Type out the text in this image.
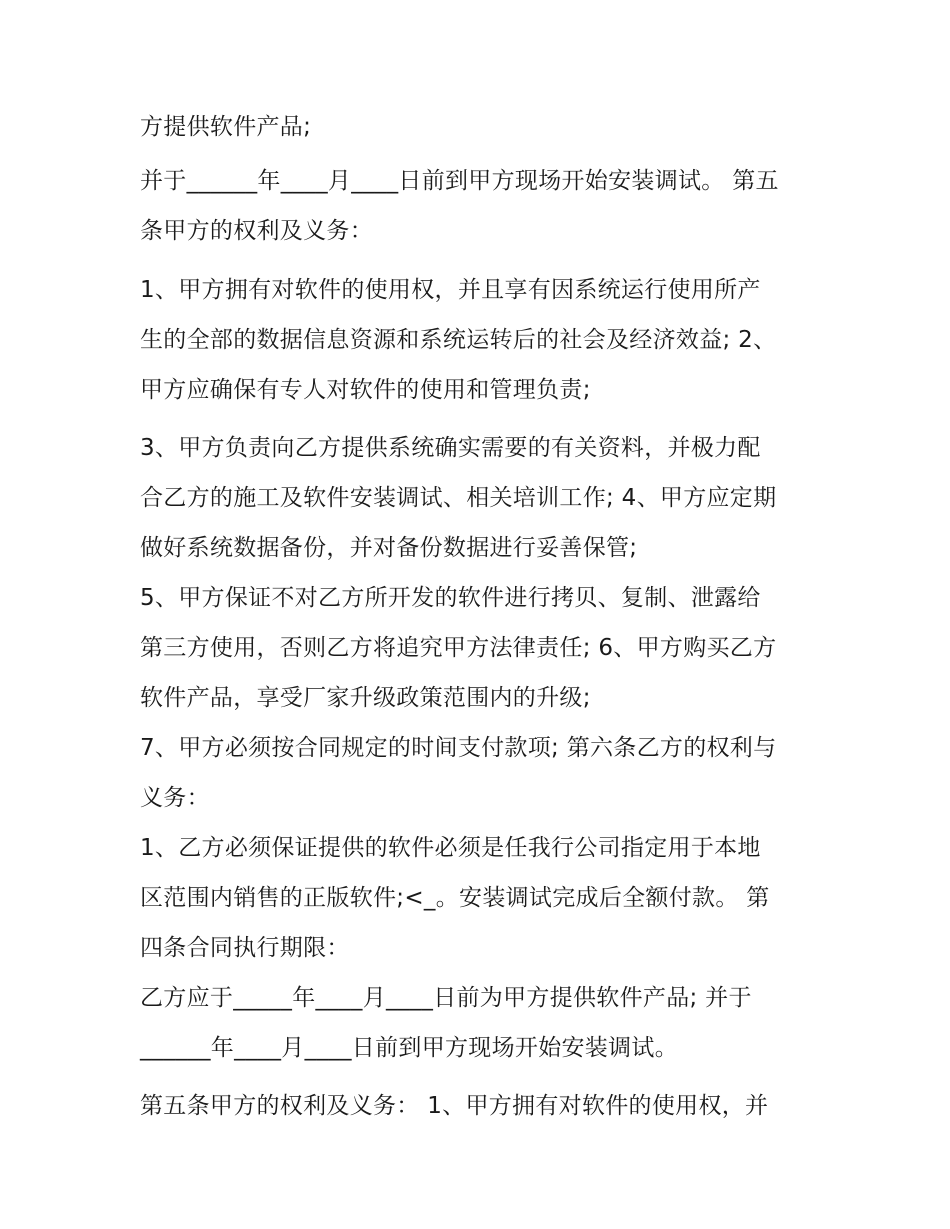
方提供软件产品;

并于______年____月____日前到甲方现场开始安装调试。 第五

条甲方的权利及义务：

1、甲方拥有对软件的使用权，并且享有因系统运行使用所产

生的全部的数据信息资源和系统运转后的社会及经济效益; 2、

甲方应确保有专人对软件的使用和管理负责;

3、甲方负责向乙方提供系统确实需要的有关资料，并极力配

合乙方的施工及软件安装调试、相关培训工作; 4、甲方应定期

做好系统数据备份，并对备份数据进行妥善保管;

5、甲方保证不对乙方所开发的软件进行拷贝、复制、泄露给

第三方使用，否则乙方将追究甲方法律责任; 6、甲方购买乙方

软件产品，享受厂家升级政策范围内的升级;

7、甲方必须按合同规定的时间支付款项; 第六条乙方的权利与

义务：

1、乙方必须保证提供的软件必须是任我行公司指定用于本地

区范围内销售的正版软件;<_。安装调试完成后全额付款。 第

四条合同执行期限：

乙方应于_____年____月____日前为甲方提供软件产品; 并于

______年____月____日前到甲方现场开始安装调试。

第五条甲方的权利及义务： 1、甲方拥有对软件的使用权，并
